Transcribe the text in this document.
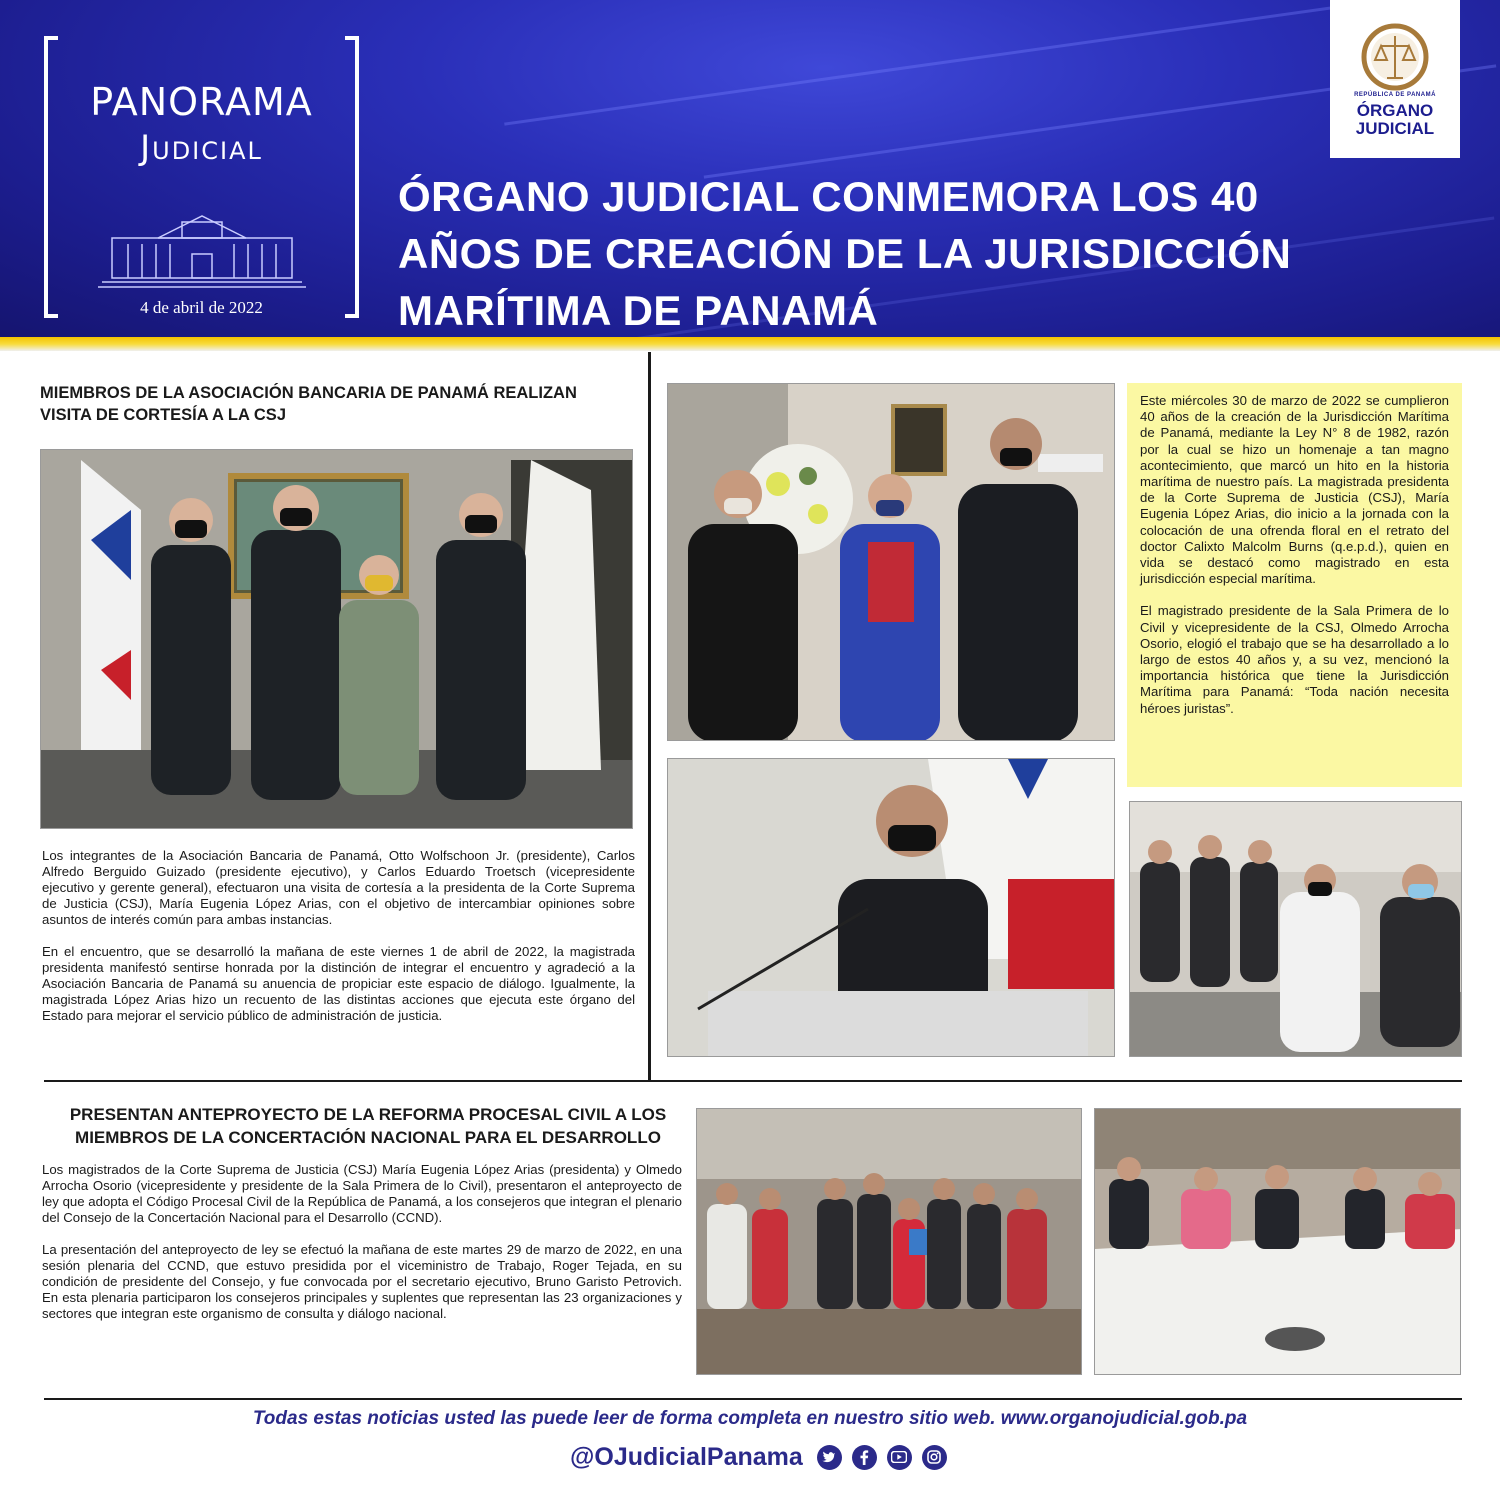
PANORAMA
Judicial
4 de abril de 2022
ÓRGANO JUDICIAL CONMEMORA LOS 40 AÑOS DE CREACIÓN DE LA JURISDICCIÓN MARÍTIMA DE PANAMÁ
REPÚBLICA DE PANAMÁ
ÓRGANO
JUDICIAL
MIEMBROS DE LA ASOCIACIÓN BANCARIA DE PANAMÁ REALIZAN VISITA DE CORTESÍA A LA CSJ

Los integrantes de la Asociación Bancaria de Panamá, Otto Wolfschoon Jr. (presidente), Carlos Alfredo Berguido Guizado (presidente ejecutivo), y Carlos Eduardo Troetsch (vicepresidente ejecutivo y gerente general), efectuaron una visita de cortesía a la presidenta de la Corte Suprema de Justicia (CSJ), María Eugenia López Arias, con el objetivo de intercambiar opiniones sobre asuntos de interés común para ambas instancias.

En el encuentro, que se desarrolló la mañana de este viernes 1 de abril de 2022, la magistrada presidenta manifestó sentirse honrada por la distinción de integrar el encuentro y agradeció a la Asociación Bancaria de Panamá su anuencia de propiciar este espacio de diálogo. Igualmente, la magistrada López Arias hizo un recuento de las distintas acciones que ejecuta este órgano del Estado para mejorar el servicio público de administración de justicia.

Este miércoles 30 de marzo de 2022 se cumplieron 40 años de la creación de la Jurisdicción Marítima de Panamá, mediante la Ley N° 8 de 1982, razón por la cual se hizo un homenaje a tan magno acontecimiento, que marcó un hito en la historia marítima de nuestro país. La magistrada presidenta de la Corte Suprema de Justicia (CSJ), María Eugenia López Arias, dio inicio a la jornada con la colocación de una ofrenda floral en el retrato del doctor Calixto Malcolm Burns (q.e.p.d.), quien en vida se destacó como magistrado en esta jurisdicción especial marítima.

El magistrado presidente de la Sala Primera de lo Civil y vicepresidente de la CSJ, Olmedo Arrocha Osorio, elogió el trabajo que se ha desarrollado a lo largo de estos 40 años y, a su vez, mencionó la importancia histórica que tiene la Jurisdicción Marítima para Panamá: “Toda nación necesita héroes juristas”.

PRESENTAN ANTEPROYECTO DE LA REFORMA PROCESAL CIVIL A LOS MIEMBROS DE LA CONCERTACIÓN NACIONAL PARA EL DESARROLLO

Los magistrados de la Corte Suprema de Justicia (CSJ) María Eugenia López Arias (presidenta) y Olmedo Arrocha Osorio (vicepresidente y presidente de la Sala Primera de lo Civil), presentaron el anteproyecto de ley que adopta el Código Procesal Civil de la República de Panamá, a los consejeros que integran el plenario del Consejo de la Concertación Nacional para el Desarrollo (CCND).

La presentación del anteproyecto de ley se efectuó la mañana de este martes 29 de marzo de 2022, en una sesión plenaria del CCND, que estuvo presidida por el viceministro de Trabajo, Roger Tejada, en su condición de presidente del Consejo, y fue convocada por el secretario ejecutivo, Bruno Garisto Petrovich. En esta plenaria participaron los consejeros principales y suplentes que representan las 23 organizaciones y sectores que integran este organismo de consulta y diálogo nacional.

Todas estas noticias usted las puede leer de forma completa en nuestro sitio web. www.organojudicial.gob.pa
@OJudicialPanama
